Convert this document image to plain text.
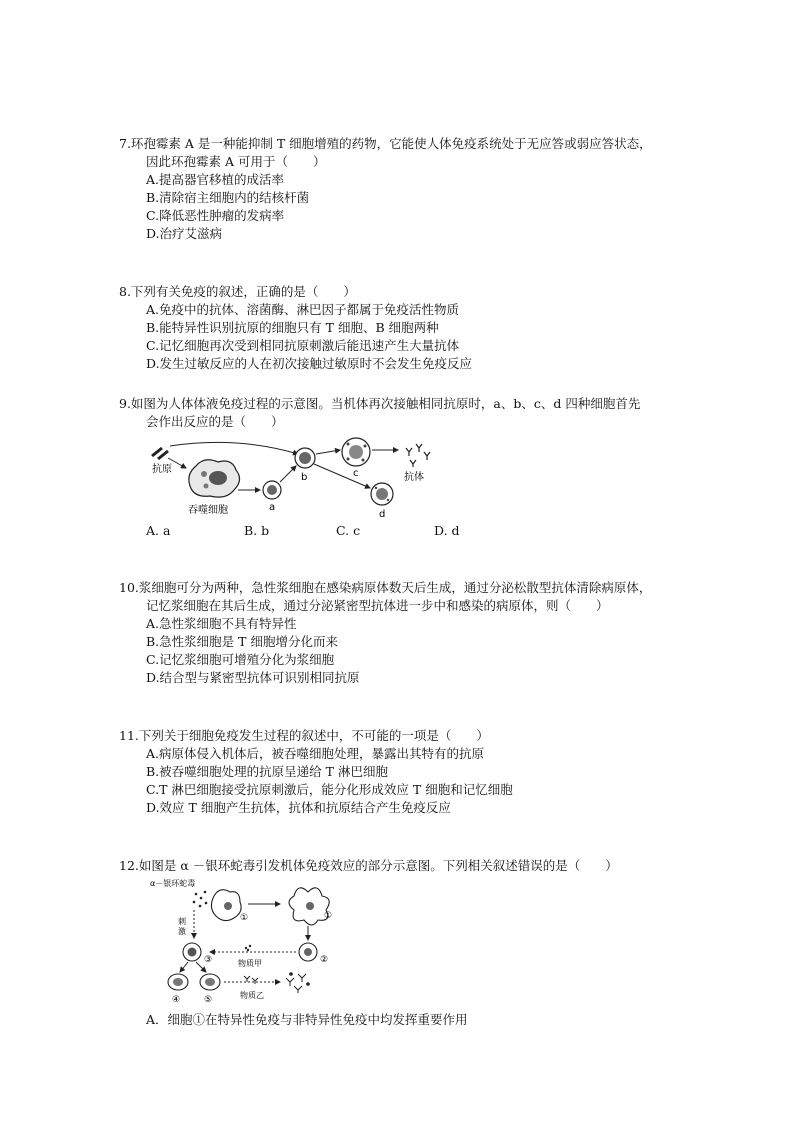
7.环孢霉素 A 是一种能抑制 T 细胞增殖的药物，它能使人体免疫系统处于无应答或弱应答状态，
因此环孢霉素 A 可用于（　　）
A.提高器官移植的成活率
B.清除宿主细胞内的结核杆菌
C.降低恶性肿瘤的发病率
D.治疗艾滋病
8.下列有关免疫的叙述，正确的是（　　）
A.免疫中的抗体、溶菌酶、淋巴因子都属于免疫活性物质
B.能特异性识别抗原的细胞只有 T 细胞、B 细胞两种
C.记忆细胞再次受到相同抗原刺激后能迅速产生大量抗体
D.发生过敏反应的人在初次接触过敏原时不会发生免疫反应
9.如图为人体体液免疫过程的示意图。当机体再次接触相同抗原时，a、b、c、d 四种细胞首先
会作出反应的是（　　）
抗原
吞噬细胞	a
b	c	抗体
d
A. a	B. b	C. c	D. d
10.浆细胞可分为两种，急性浆细胞在感染病原体数天后生成，通过分泌松散型抗体清除病原体，
记忆浆细胞在其后生成，通过分泌紧密型抗体进一步中和感染的病原体，则（　　）
A.急性浆细胞不具有特异性
B.急性浆细胞是 T 细胞增分化而来
C.记忆浆细胞可增殖分化为浆细胞
D.结合型与紧密型抗体可识别相同抗原
11.下列关于细胞免疫发生过程的叙述中，不可能的一项是（　　）
A.病原体侵入机体后，被吞噬细胞处理，暴露出其特有的抗原
B.被吞噬细胞处理的抗原呈递给 T 淋巴细胞
C.T 淋巴细胞接受抗原刺激后，能分化形成效应 T 细胞和记忆细胞
D.效应 T 细胞产生抗体，抗体和抗原结合产生免疫反应
12.如图是 α －银环蛇毒引发机体免疫效应的部分示意图。下列相关叙述错误的是（　　）
α－银环蛇毒
①	①
刺
激
②
物质甲
③
④	⑤	物质乙
A．细胞①在特异性免疫与非特异性免疫中均发挥重要作用
